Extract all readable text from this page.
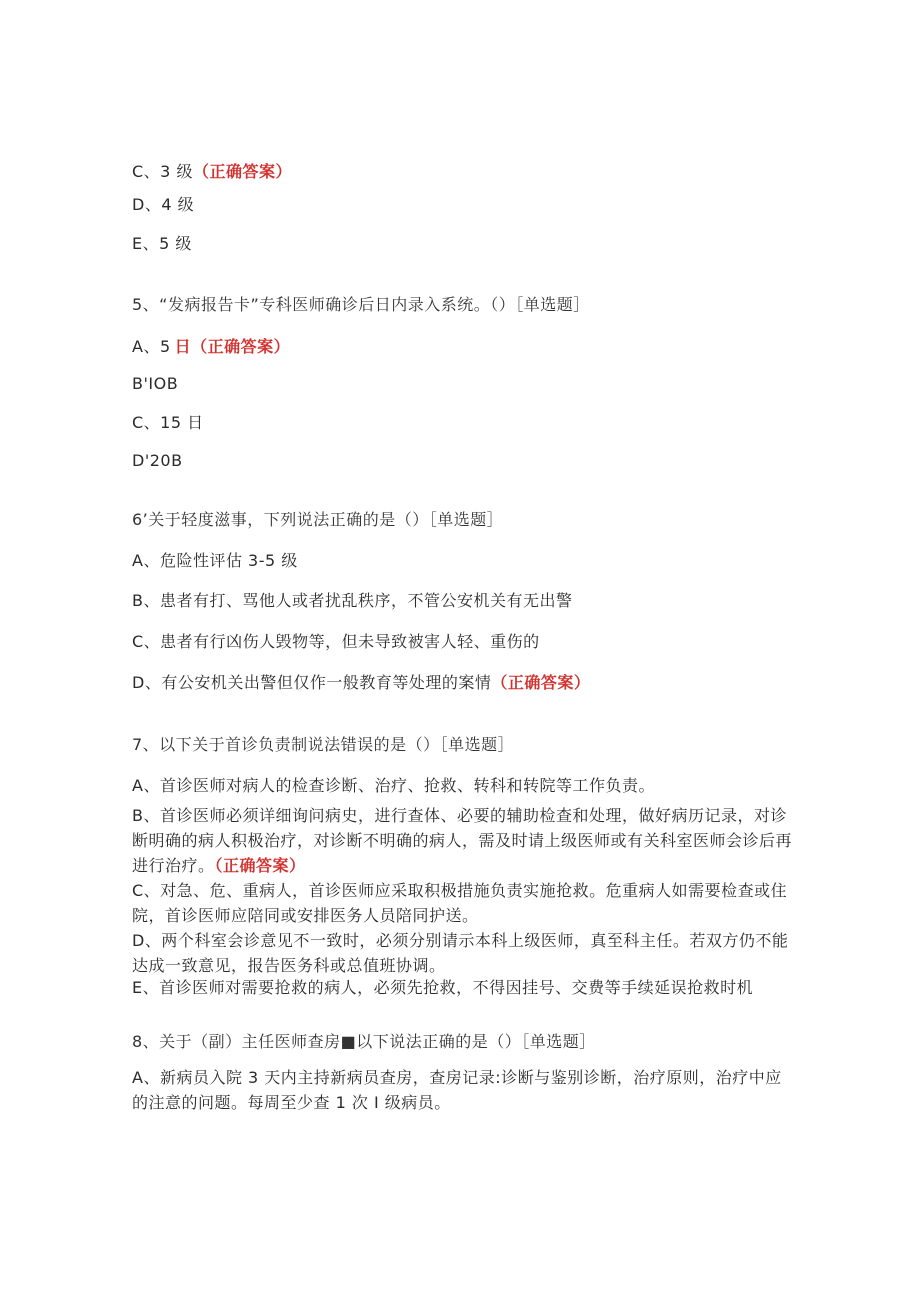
C、3 级（正确答案）
D、4 级
E、5 级
5、“发病报告卡”专科医师确诊后日内录入系统。（）［单选题］
A、5 日（正确答案）
B'IOB
C、15 日
D'20B
6’关于轻度滋事，下列说法正确的是（）［单选题］
A、危险性评估 3-5 级
B、患者有打、骂他人或者扰乱秩序，不管公安机关有无出警
C、患者有行凶伤人毁物等，但未导致被害人轻、重伤的
D、有公安机关出警但仅作一般教育等处理的案情（正确答案）
7、以下关于首诊负责制说法错误的是（）［单选题］
A、首诊医师对病人的检查诊断、治疗、抢救、转科和转院等工作负责。
B、首诊医师必须详细询问病史，进行查体、必要的辅助检查和处理，做好病历记录，对诊断明确的病人积极治疗，对诊断不明确的病人，需及时请上级医师或有关科室医师会诊后再进行治疗。（正确答案）
C、对急、危、重病人，首诊医师应采取积极措施负责实施抢救。危重病人如需要检查或住院，首诊医师应陪同或安排医务人员陪同护送。
D、两个科室会诊意见不一致时，必须分别请示本科上级医师，真至科主任。若双方仍不能达成一致意见，报告医务科或总值班协调。
E、首诊医师对需要抢救的病人，必须先抢救，不得因挂号、交费等手续延误抢救时机
8、关于（副）主任医师查房■以下说法正确的是（）［单选题］
A、新病员入院 3 天内主持新病员查房，查房记录:诊断与鉴别诊断，治疗原则，治疗中应的注意的问题。每周至少查 1 次 I 级病员。
